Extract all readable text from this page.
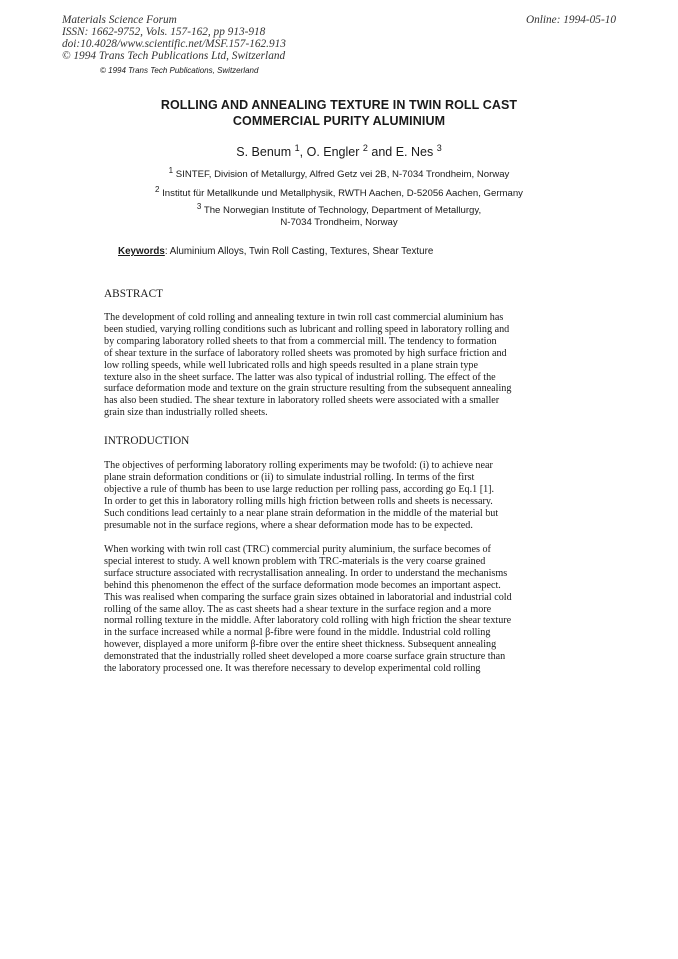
Materials Science Forum
ISSN: 1662-9752, Vols. 157-162, pp 913-918
doi:10.4028/www.scientific.net/MSF.157-162.913
© 1994 Trans Tech Publications Ltd, Switzerland
Online: 1994-05-10
© 1994 Trans Tech Publications, Switzerland
ROLLING AND ANNEALING TEXTURE IN TWIN ROLL CAST
COMMERCIAL PURITY ALUMINIUM
S. Benum $^1$, O. Engler $^2$ and E. Nes $^3$
$^1$ SINTEF, Division of Metallurgy, Alfred Getz vei 2B, N-7034 Trondheim, Norway
$^2$ Institut für Metallkunde und Metallphysik, RWTH Aachen, D-52056 Aachen, Germany
$^3$ The Norwegian Institute of Technology, Department of Metallurgy,
N-7034 Trondheim, Norway
Keywords: Aluminium Alloys, Twin Roll Casting, Textures, Shear Texture
ABSTRACT
The development of cold rolling and annealing texture in twin roll cast commercial aluminium has
been studied, varying rolling conditions such as lubricant and rolling speed in laboratory rolling and
by comparing laboratory rolled sheets to that from a commercial mill. The tendency to formation
of shear texture in the surface of laboratory rolled sheets was promoted by high surface friction and
low rolling speeds, while well lubricated rolls and high speeds resulted in a plane strain type
texture also in the sheet surface. The latter was also typical of industrial rolling. The effect of the
surface deformation mode and texture on the grain structure resulting from the subsequent annealing
has also been studied. The shear texture in laboratory rolled sheets were associated with a smaller
grain size than industrially rolled sheets.
INTRODUCTION
The objectives of performing laboratory rolling experiments may be twofold: (i) to achieve near
plane strain deformation conditions or (ii) to simulate industrial rolling. In terms of the first
objective a rule of thumb has been to use large reduction per rolling pass, according go Eq.1 [1].
In order to get this in laboratory rolling mills high friction between rolls and sheets is necessary.
Such conditions lead certainly to a near plane strain deformation in the middle of the material but
presumable not in the surface regions, where a shear deformation mode has to be expected.
When working with twin roll cast (TRC) commercial purity aluminium, the surface becomes of
special interest to study. A well known problem with TRC-materials is the very coarse grained
surface structure associated with recrystallisation annealing. In order to understand the mechanisms
behind this phenomenon the effect of the surface deformation mode becomes an important aspect.
This was realised when comparing the surface grain sizes obtained in laboratorial and industrial cold
rolling of the same alloy. The as cast sheets had a shear texture in the surface region and a more
normal rolling texture in the middle. After laboratory cold rolling with high friction the shear texture
in the surface increased while a normal β-fibre were found in the middle. Industrial cold rolling
however, displayed a more uniform β-fibre over the entire sheet thickness. Subsequent annealing
demonstrated that the industrially rolled sheet developed a more coarse surface grain structure than
the laboratory processed one. It was therefore necessary to develop experimental cold rolling
